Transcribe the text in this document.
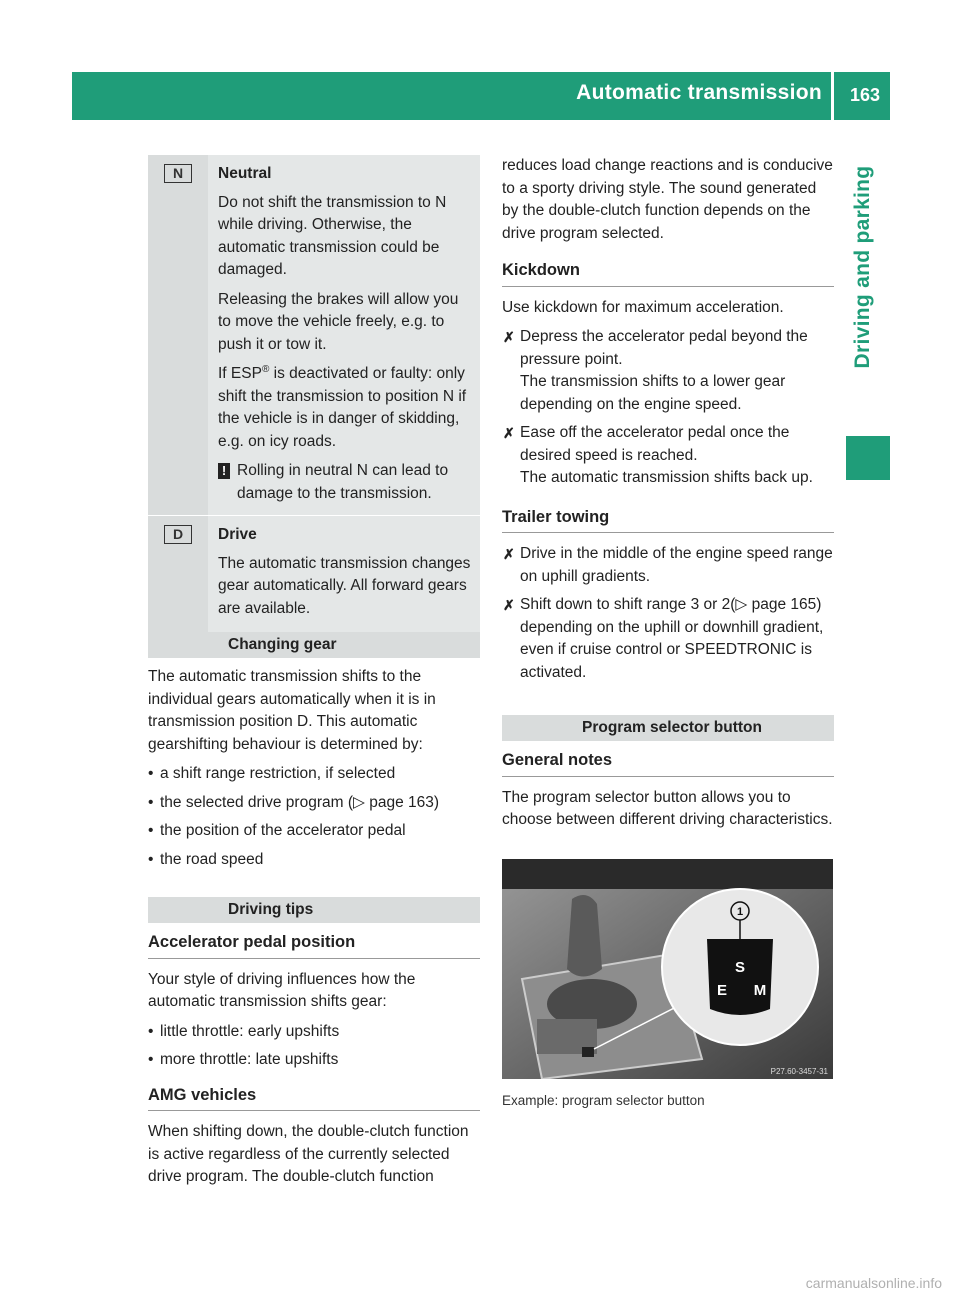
Automatic transmission 163
Driving and parking
N	Neutral

Do not shift the transmission to N while driving. Otherwise, the automatic transmission could be damaged.

Releasing the brakes will allow you to move the vehicle freely, e.g. to push it or tow it.

If ESP® is deactivated or faulty: only shift the transmission to position N if the vehicle is in danger of skidding, e.g. on icy roads.

! Rolling in neutral N can lead to damage to the transmission.
D	Drive

The automatic transmission changes gear automatically. All forward gears are available.

Changing gear

The automatic transmission shifts to the individual gears automatically when it is in transmission position D. This automatic gearshifting behaviour is determined by:

• a shift range restriction, if selected
• the selected drive program (▷ page 163)
• the position of the accelerator pedal
• the road speed
Driving tips
Accelerator pedal position

Your style of driving influences how the automatic transmission shifts gear:

• little throttle: early upshifts
• more throttle: late upshifts
AMG vehicles

When shifting down, the double-clutch function is active regardless of the currently selected drive program. The double-clutch function

reduces load change reactions and is conducive to a sporty driving style. The sound generated by the double-clutch function depends on the drive program selected.

Kickdown

Use kickdown for maximum acceleration.

✗ Depress the accelerator pedal beyond the pressure point.
The transmission shifts to a lower gear depending on the engine speed.
✗ Ease off the accelerator pedal once the desired speed is reached.
The automatic transmission shifts back up.
Trailer towing
✗ Drive in the middle of the engine speed range on uphill gradients.
✗ Shift down to shift range 3 or 2(▷ page 165) depending on the uphill or downhill gradient, even if cruise control or SPEEDTRONIC is activated.
Program selector button
General notes

The program selector button allows you to choose between different driving characteristics.

1
S
E M
P27.60-3457-31
Example: program selector button
carmanualsonline.info
